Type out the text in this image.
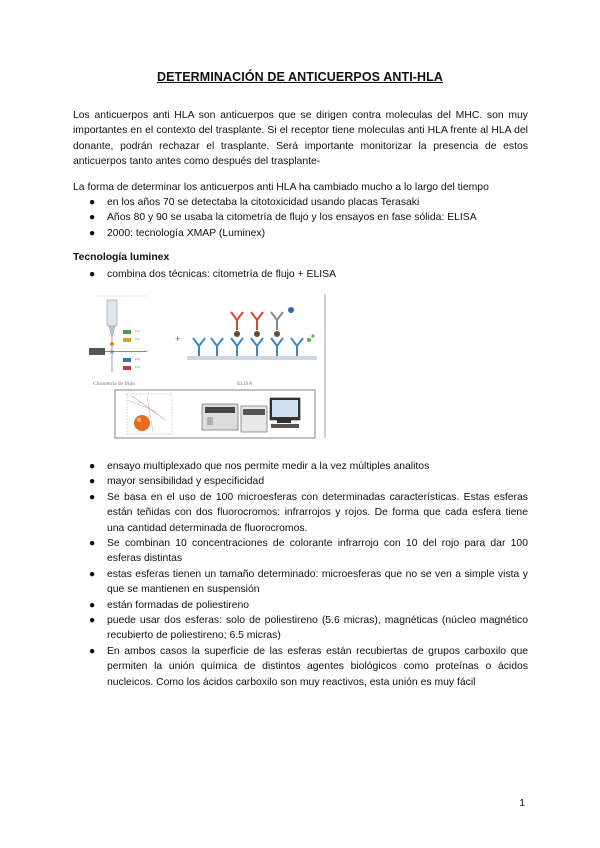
DETERMINACIÓN DE ANTICUERPOS ANTI-HLA
Los anticuerpos anti HLA son anticuerpos que se dirigen contra moleculas del MHC. son muy importantes en el contexto del trasplante. Si el receptor tiene moleculas anti HLA frente al HLA del donante, podrán rechazar el trasplante. Será importante monitorizar la presencia de estos anticuerpos tanto antes como después del trasplante-
La forma de determinar los anticuerpos anti HLA ha cambiado mucho a lo largo del tiempo
● en los años 70 se detectaba la citotoxicidad usando placas Terasaki
● Años 80 y 90 se usaba la citometría de flujo y los ensayos en fase sólida: ELISA
● 2000: tecnología XMAP (Luminex)
Tecnología luminex
● combina dos técnicas: citometría de flujo + ELISA
FL1
FL2
FL3
FL4
Citometría de flujo
+
ELISA
● ensayo multiplexado que nos permite medir a la vez múltiples analitos
● mayor sensibilidad y especificidad
● Se basa en el uso de 100 microesferas con determinadas características. Estas esferas están teñidas con dos fluorocromos: infrarrojos y rojos. De forma que cada esfera tiene una cantidad determinada de fluorocromos.
● Se combinan 10 concentraciones de colorante infrarrojo con 10 del rojo para dar 100 esferas distintas
● estas esferas tienen un tamaño determinado: microesferas que no se ven a simple vista y que se mantienen en suspensión
● están formadas de poliestireno
● puede usar dos esferas: solo de poliestireno (5.6 micras), magnéticas (núcleo magnético recubierto de poliestireno; 6.5 micras)
● En ambos casos la superficie de las esferas están recubiertas de grupos carboxilo que permiten la unión química de distintos agentes biológicos como proteínas o ácidos nucleicos. Como los ácidos carboxilo son muy reactivos, esta unión es muy fácil
1
